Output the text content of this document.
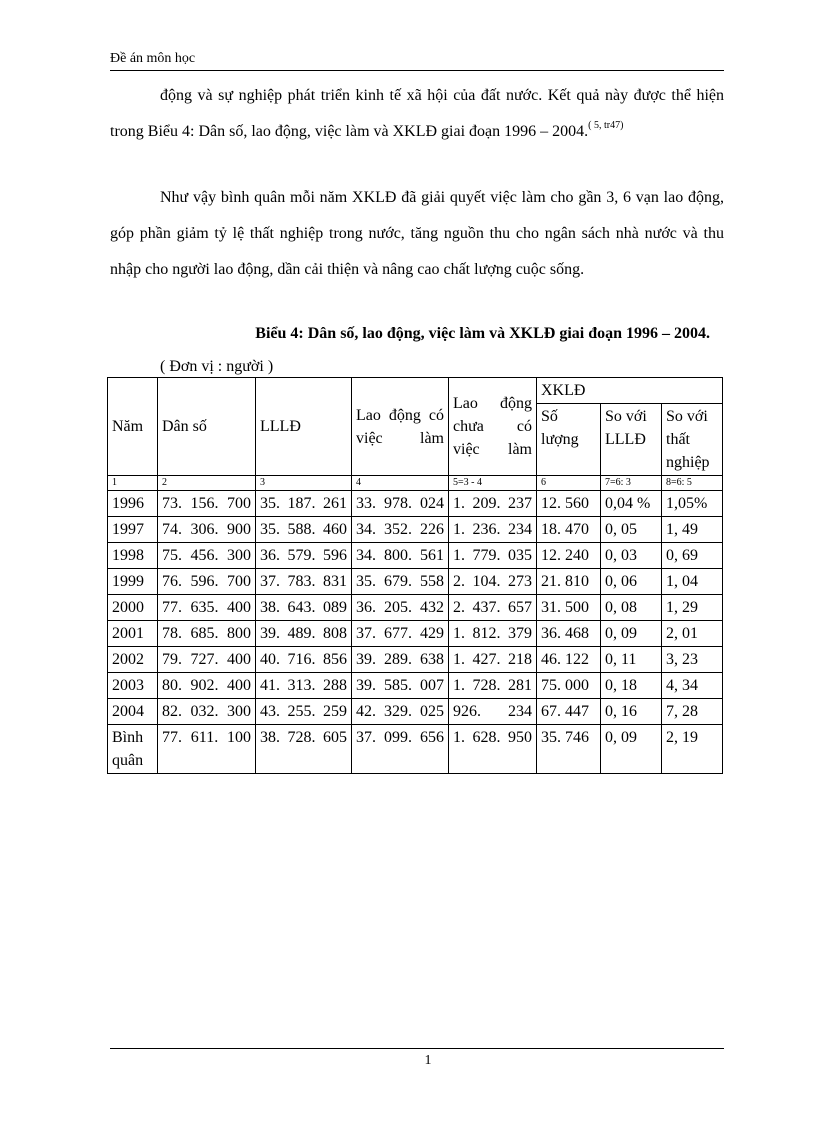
Đề án môn học

động và sự nghiệp phát triển kinh tế xã hội của đất nước. Kết quả này được thể hiện trong Biểu 4: Dân số, lao động, việc làm và XKLĐ giai đoạn 1996 – 2004.$^{( 5, tr47)}$

Như vậy bình quân mỗi năm XKLĐ đã giải quyết việc làm cho gần 3, 6 vạn lao động, góp phần giảm tỷ lệ thất nghiệp trong nước, tăng nguồn thu cho ngân sách nhà nước và thu nhập cho người lao động, dần cải thiện và nâng cao chất lượng cuộc sống.

Biểu 4: Dân số, lao động, việc làm và XKLĐ giai đoạn 1996 – 2004.
( Đơn vị : người )
Năm	Dân số	LLLĐ	Lao động có việc làm	Lao động chưa có việc làm	XKLĐ		
					Số lượng	So với LLLĐ	So với thất nghiệp
1	2	3	4	5=3 - 4	6	7=6: 3	8=6: 5
1996	73. 156. 700	35. 187. 261	33. 978. 024	1. 209. 237	12. 560	0,04 %	1,05%
1997	74. 306. 900	35. 588. 460	34. 352. 226	1. 236. 234	18. 470	0, 05	1, 49
1998	75. 456. 300	36. 579. 596	34. 800. 561	1. 779. 035	12. 240	0, 03	0, 69
1999	76. 596. 700	37. 783. 831	35. 679. 558	2. 104. 273	21. 810	0, 06	1, 04
2000	77. 635. 400	38. 643. 089	36. 205. 432	2. 437. 657	31. 500	0, 08	1, 29
2001	78. 685. 800	39. 489. 808	37. 677. 429	1. 812. 379	36. 468	0, 09	2, 01
2002	79. 727. 400	40. 716. 856	39. 289. 638	1. 427. 218	46. 122	0, 11	3, 23
2003	80. 902. 400	41. 313. 288	39. 585. 007	1. 728. 281	75. 000	0, 18	4, 34
2004	82. 032. 300	43. 255. 259	42. 329. 025	926. 234	67. 447	0, 16	7, 28
Bình quân	77. 611. 100	38. 728. 605	37. 099. 656	1. 628. 950	35. 746	0, 09	2, 19
1
